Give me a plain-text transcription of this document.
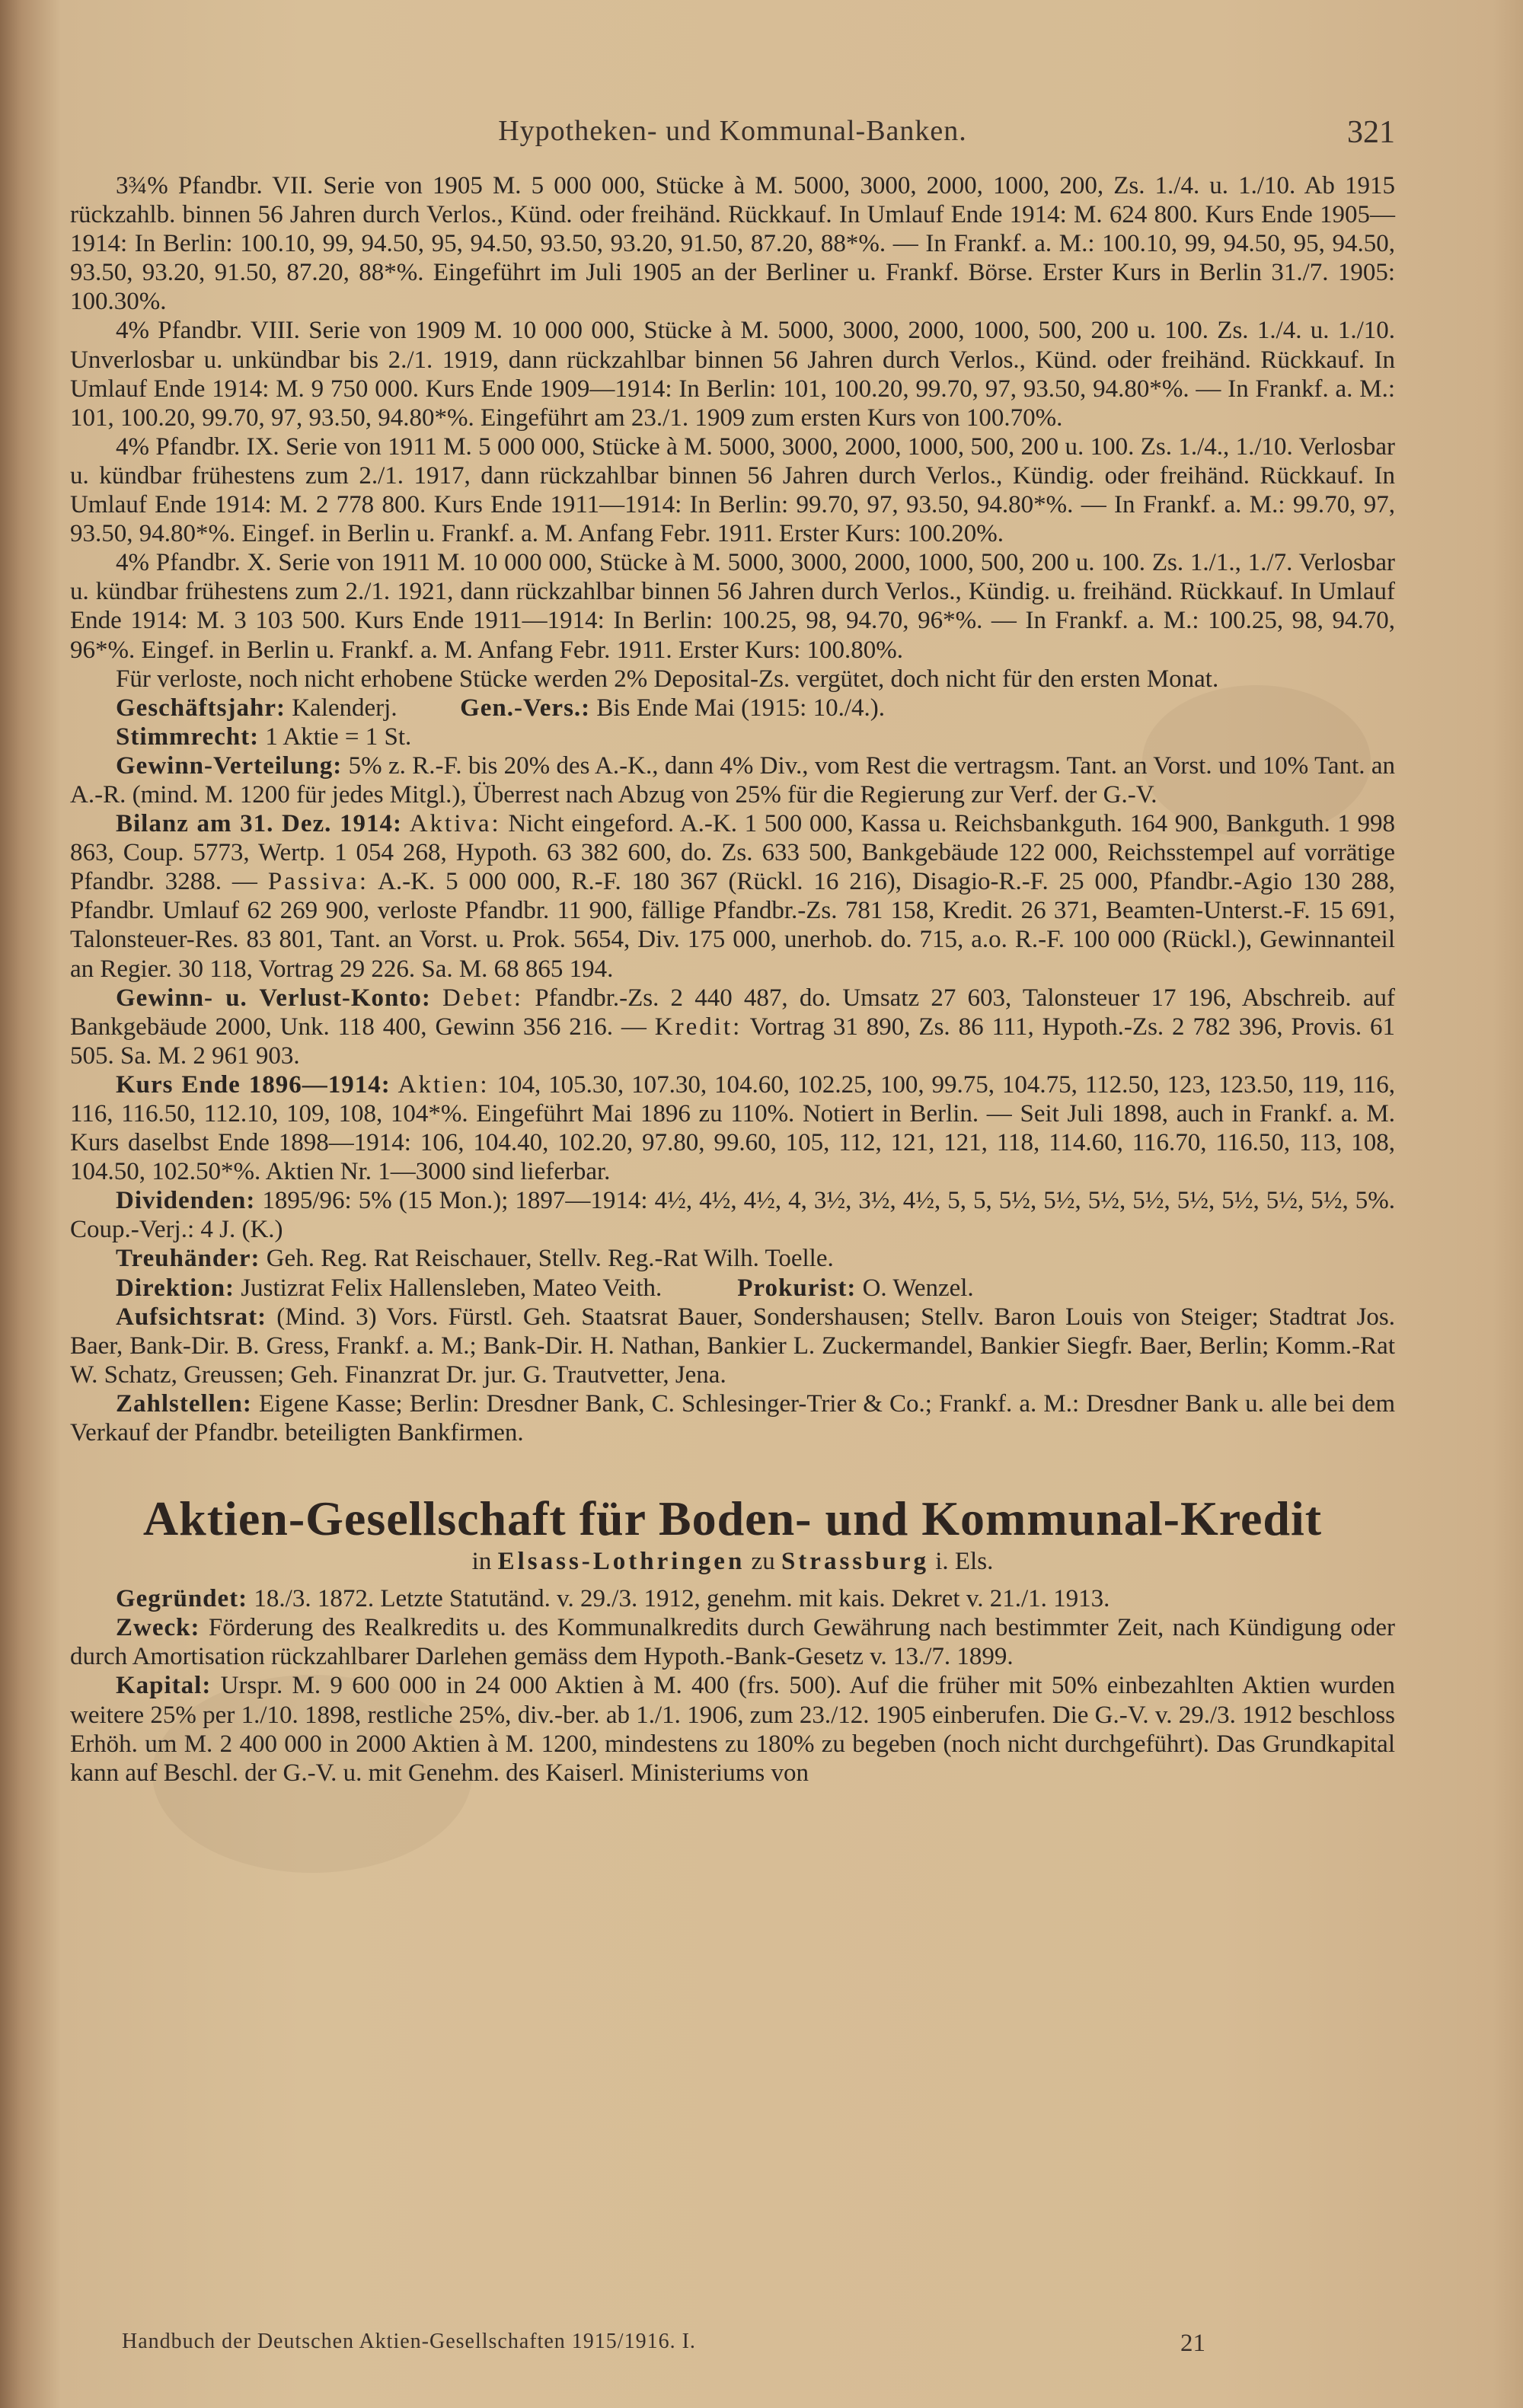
Hypotheken- und Kommunal-Banken.	321

3¾% Pfandbr. VII. Serie von 1905 M. 5 000 000, Stücke à M. 5000, 3000, 2000, 1000, 200, Zs. 1./4. u. 1./10. Ab 1915 rückzahlb. binnen 56 Jahren durch Verlos., Künd. oder freihänd. Rückkauf. In Umlauf Ende 1914: M. 624 800. Kurs Ende 1905—1914: In Berlin: 100.10, 99, 94.50, 95, 94.50, 93.50, 93.20, 91.50, 87.20, 88*%. — In Frankf. a. M.: 100.10, 99, 94.50, 95, 94.50, 93.50, 93.20, 91.50, 87.20, 88*%. Eingeführt im Juli 1905 an der Berliner u. Frankf. Börse. Erster Kurs in Berlin 31./7. 1905: 100.30%.

4% Pfandbr. VIII. Serie von 1909 M. 10 000 000, Stücke à M. 5000, 3000, 2000, 1000, 500, 200 u. 100. Zs. 1./4. u. 1./10. Unverlosbar u. unkündbar bis 2./1. 1919, dann rückzahlbar binnen 56 Jahren durch Verlos., Künd. oder freihänd. Rückkauf. In Umlauf Ende 1914: M. 9 750 000. Kurs Ende 1909—1914: In Berlin: 101, 100.20, 99.70, 97, 93.50, 94.80*%. — In Frankf. a. M.: 101, 100.20, 99.70, 97, 93.50, 94.80*%. Eingeführt am 23./1. 1909 zum ersten Kurs von 100.70%.

4% Pfandbr. IX. Serie von 1911 M. 5 000 000, Stücke à M. 5000, 3000, 2000, 1000, 500, 200 u. 100. Zs. 1./4., 1./10. Verlosbar u. kündbar frühestens zum 2./1. 1917, dann rückzahlbar binnen 56 Jahren durch Verlos., Kündig. oder freihänd. Rückkauf. In Umlauf Ende 1914: M. 2 778 800. Kurs Ende 1911—1914: In Berlin: 99.70, 97, 93.50, 94.80*%. — In Frankf. a. M.: 99.70, 97, 93.50, 94.80*%. Eingef. in Berlin u. Frankf. a. M. Anfang Febr. 1911. Erster Kurs: 100.20%.

4% Pfandbr. X. Serie von 1911 M. 10 000 000, Stücke à M. 5000, 3000, 2000, 1000, 500, 200 u. 100. Zs. 1./1., 1./7. Verlosbar u. kündbar frühestens zum 2./1. 1921, dann rückzahlbar binnen 56 Jahren durch Verlos., Kündig. u. freihänd. Rückkauf. In Umlauf Ende 1914: M. 3 103 500. Kurs Ende 1911—1914: In Berlin: 100.25, 98, 94.70, 96*%. — In Frankf. a. M.: 100.25, 98, 94.70, 96*%. Eingef. in Berlin u. Frankf. a. M. Anfang Febr. 1911. Erster Kurs: 100.80%.

Für verloste, noch nicht erhobene Stücke werden 2% Deposital-Zs. vergütet, doch nicht für den ersten Monat.

Geschäftsjahr: Kalenderj.	Gen.-Vers.: Bis Ende Mai (1915: 10./4.).

Stimmrecht: 1 Aktie = 1 St.

Gewinn-Verteilung: 5% z. R.-F. bis 20% des A.-K., dann 4% Div., vom Rest die vertragsm. Tant. an Vorst. und 10% Tant. an A.-R. (mind. M. 1200 für jedes Mitgl.), Überrest nach Abzug von 25% für die Regierung zur Verf. der G.-V.

Bilanz am 31. Dez. 1914: Aktiva: Nicht eingeford. A.-K. 1 500 000, Kassa u. Reichsbankguth. 164 900, Bankguth. 1 998 863, Coup. 5773, Wertp. 1 054 268, Hypoth. 63 382 600, do. Zs. 633 500, Bankgebäude 122 000, Reichsstempel auf vorrätige Pfandbr. 3288. — Passiva: A.-K. 5 000 000, R.-F. 180 367 (Rückl. 16 216), Disagio-R.-F. 25 000, Pfandbr.-Agio 130 288, Pfandbr. Umlauf 62 269 900, verloste Pfandbr. 11 900, fällige Pfandbr.-Zs. 781 158, Kredit. 26 371, Beamten-Unterst.-F. 15 691, Talonsteuer-Res. 83 801, Tant. an Vorst. u. Prok. 5654, Div. 175 000, unerhob. do. 715, a.o. R.-F. 100 000 (Rückl.), Gewinnanteil an Regier. 30 118, Vortrag 29 226. Sa. M. 68 865 194.

Gewinn- u. Verlust-Konto: Debet: Pfandbr.-Zs. 2 440 487, do. Umsatz 27 603, Talonsteuer 17 196, Abschreib. auf Bankgebäude 2000, Unk. 118 400, Gewinn 356 216. — Kredit: Vortrag 31 890, Zs. 86 111, Hypoth.-Zs. 2 782 396, Provis. 61 505. Sa. M. 2 961 903.

Kurs Ende 1896—1914: Aktien: 104, 105.30, 107.30, 104.60, 102.25, 100, 99.75, 104.75, 112.50, 123, 123.50, 119, 116, 116, 116.50, 112.10, 109, 108, 104*%. Eingeführt Mai 1896 zu 110%. Notiert in Berlin. — Seit Juli 1898, auch in Frankf. a. M. Kurs daselbst Ende 1898—1914: 106, 104.40, 102.20, 97.80, 99.60, 105, 112, 121, 121, 118, 114.60, 116.70, 116.50, 113, 108, 104.50, 102.50*%. Aktien Nr. 1—3000 sind lieferbar.

Dividenden: 1895/96: 5% (15 Mon.); 1897—1914: 4½, 4½, 4½, 4, 3½, 3½, 4½, 5, 5, 5½, 5½, 5½, 5½, 5½, 5½, 5½, 5½, 5%. Coup.-Verj.: 4 J. (K.)

Treuhänder: Geh. Reg. Rat Reischauer, Stellv. Reg.-Rat Wilh. Toelle.

Direktion: Justizrat Felix Hallensleben, Mateo Veith.	Prokurist: O. Wenzel.

Aufsichtsrat: (Mind. 3) Vors. Fürstl. Geh. Staatsrat Bauer, Sondershausen; Stellv. Baron Louis von Steiger; Stadtrat Jos. Baer, Bank-Dir. B. Gress, Frankf. a. M.; Bank-Dir. H. Nathan, Bankier L. Zuckermandel, Bankier Siegfr. Baer, Berlin; Komm.-Rat W. Schatz, Greussen; Geh. Finanzrat Dr. jur. G. Trautvetter, Jena.

Zahlstellen: Eigene Kasse; Berlin: Dresdner Bank, C. Schlesinger-Trier & Co.; Frankf. a. M.: Dresdner Bank u. alle bei dem Verkauf der Pfandbr. beteiligten Bankfirmen.

Aktien-Gesellschaft für Boden- und Kommunal-Kredit
in Elsass-Lothringen zu Strassburg i. Els.

Gegründet: 18./3. 1872. Letzte Statutänd. v. 29./3. 1912, genehm. mit kais. Dekret v. 21./1. 1913.

Zweck: Förderung des Realkredits u. des Kommunalkredits durch Gewährung nach bestimmter Zeit, nach Kündigung oder durch Amortisation rückzahlbarer Darlehen gemäss dem Hypoth.-Bank-Gesetz v. 13./7. 1899.

Kapital: Urspr. M. 9 600 000 in 24 000 Aktien à M. 400 (frs. 500). Auf die früher mit 50% einbezahlten Aktien wurden weitere 25% per 1./10. 1898, restliche 25%, div.-ber. ab 1./1. 1906, zum 23./12. 1905 einberufen. Die G.-V. v. 29./3. 1912 beschloss Erhöh. um M. 2 400 000 in 2000 Aktien à M. 1200, mindestens zu 180% zu begeben (noch nicht durchgeführt). Das Grundkapital kann auf Beschl. der G.-V. u. mit Genehm. des Kaiserl. Ministeriums von

Handbuch der Deutschen Aktien-Gesellschaften 1915/1916. I.	21
